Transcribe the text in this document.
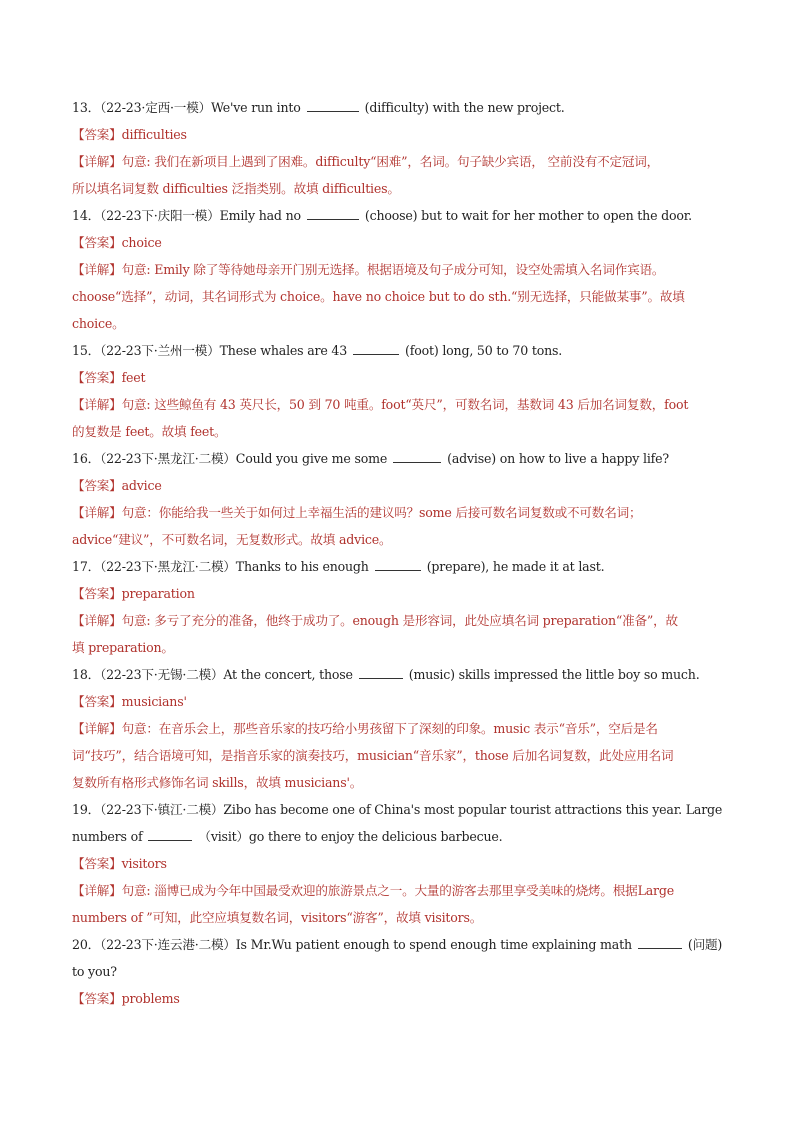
13．（22-23·定西·一模）We've run into	(difficulty) with the new project.
【答案】difficulties
【详解】句意: 我们在新项目上遇到了困难。difficulty“困难”，名词。句子缺少宾语， 空前没有不定冠词，
所以填名词复数 difficulties 泛指类别。故填 difficulties。
14．（22-23下·庆阳一模）Emily had no	(choose) but to wait for her mother to open the door.
【答案】choice
【详解】句意: Emily 除了等待她母亲开门别无选择。根据语境及句子成分可知，设空处需填入名词作宾语。
choose“选择”，动词，其名词形式为 choice。have no choice but to do sth.“别无选择，只能做某事”。故填
choice。
15．（22-23下·兰州一模）These whales are 43	(foot) long, 50 to 70 tons.
【答案】feet
【详解】句意: 这些鲸鱼有 43 英尺长，50 到 70 吨重。foot“英尺”，可数名词，基数词 43 后加名词复数，foot
的复数是 feet。故填 feet。
16．（22-23下·黑龙江·二模）Could you give me some	(advise) on how to live a happy life?
【答案】advice
【详解】句意：你能给我一些关于如何过上幸福生活的建议吗？some 后接可数名词复数或不可数名词；
advice“建议”，不可数名词，无复数形式。故填 advice。
17．（22-23下·黑龙江·二模）Thanks to his enough	(prepare), he made it at last.
【答案】preparation
【详解】句意: 多亏了充分的准备，他终于成功了。enough 是形容词，此处应填名词 preparation“准备”，故
填 preparation。
18．（22-23下·无锡·二模）At the concert, those	(music) skills impressed the little boy so much.
【答案】musicians'
【详解】句意：在音乐会上，那些音乐家的技巧给小男孩留下了深刻的印象。music 表示“音乐”，空后是名
词“技巧”，结合语境可知，是指音乐家的演奏技巧，musician“音乐家”，those 后加名词复数，此处应用名词
复数所有格形式修饰名词 skills，故填 musicians'。
19．（22-23下·镇江·二模）Zibo has become one of China's most popular tourist attractions this year. Large
numbers of	（visit）go there to enjoy the delicious barbecue.
【答案】visitors
【详解】句意: 淄博已成为今年中国最受欢迎的旅游景点之一。大量的游客去那里享受美味的烧烤。根据Large
numbers of ”可知，此空应填复数名词，visitors“游客”，故填 visitors。
20．（22-23下·连云港·二模）Is Mr.Wu patient enough to spend enough time explaining math	(问题)
to you?
【答案】problems
